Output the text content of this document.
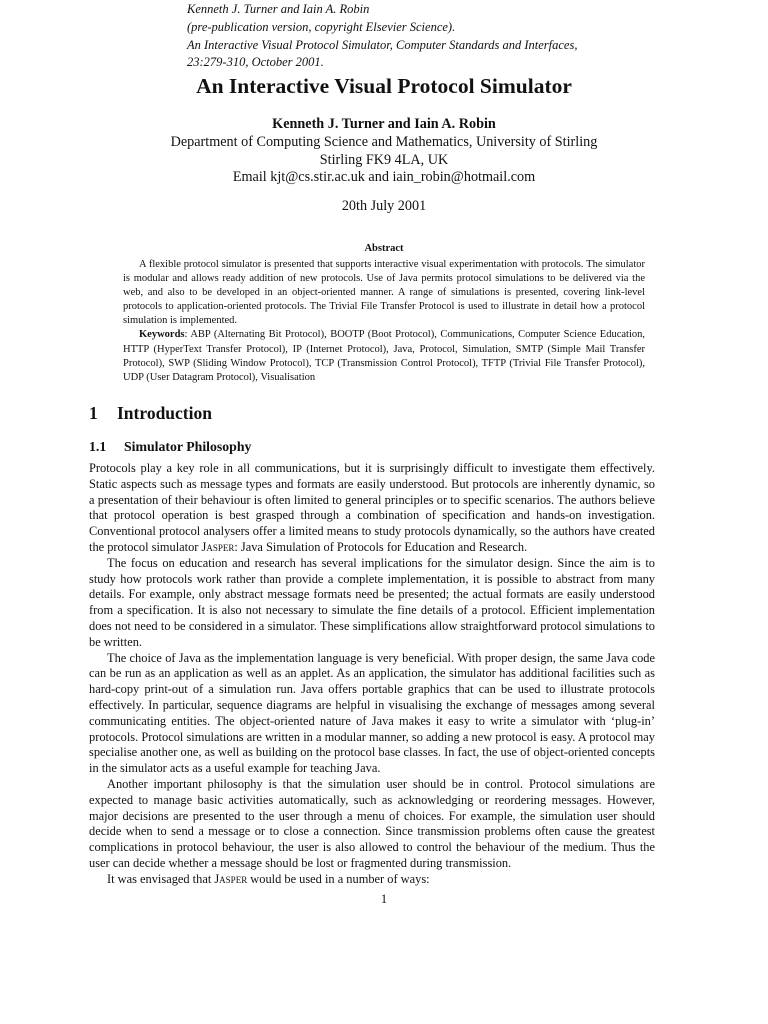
Kenneth J. Turner and Iain A. Robin
(pre-publication version, copyright Elsevier Science).
An Interactive Visual Protocol Simulator, Computer Standards and Interfaces,
23:279-310, October 2001.
An Interactive Visual Protocol Simulator
Kenneth J. Turner and Iain A. Robin
Department of Computing Science and Mathematics, University of Stirling
Stirling FK9 4LA, UK
Email kjt@cs.stir.ac.uk and iain_robin@hotmail.com
20th July 2001
Abstract

A flexible protocol simulator is presented that supports interactive visual experimentation with protocols. The simulator is modular and allows ready addition of new protocols. Use of Java permits protocol simulations to be delivered via the web, and also to be developed in an object-oriented manner. A range of simulations is presented, covering link-level protocols to application-oriented protocols. The Trivial File Transfer Protocol is used to illustrate in detail how a protocol simulation is implemented.

Keywords: ABP (Alternating Bit Protocol), BOOTP (Boot Protocol), Communications, Computer Science Education, HTTP (HyperText Transfer Protocol), IP (Internet Protocol), Java, Protocol, Simulation, SMTP (Simple Mail Transfer Protocol), SWP (Sliding Window Protocol), TCP (Transmission Control Protocol), TFTP (Trivial File Transfer Protocol), UDP (User Datagram Protocol), Visualisation

1 Introduction
1.1 Simulator Philosophy

Protocols play a key role in all communications, but it is surprisingly difficult to investigate them effectively. Static aspects such as message types and formats are easily understood. But protocols are inherently dynamic, so a presentation of their behaviour is often limited to general principles or to specific scenarios. The authors believe that protocol operation is best grasped through a combination of specification and hands-on investigation. Conventional protocol analysers offer a limited means to study protocols dynamically, so the authors have created the protocol simulator Jasper: Java Simulation of Protocols for Education and Research.

The focus on education and research has several implications for the simulator design. Since the aim is to study how protocols work rather than provide a complete implementation, it is possible to abstract from many details. For example, only abstract message formats need be presented; the actual formats are easily understood from a specification. It is also not necessary to simulate the fine details of a protocol. Efficient implementation does not need to be considered in a simulator. These simplifications allow straightforward protocol simulations to be written.

The choice of Java as the implementation language is very beneficial. With proper design, the same Java code can be run as an application as well as an applet. As an application, the simulator has additional facilities such as hard-copy print-out of a simulation run. Java offers portable graphics that can be used to illustrate protocols effectively. In particular, sequence diagrams are helpful in visualising the exchange of messages among several communicating entities. The object-oriented nature of Java makes it easy to write a simulator with ‘plug-in’ protocols. Protocol simulations are written in a modular manner, so adding a new protocol is easy. A protocol may specialise another one, as well as building on the protocol base classes. In fact, the use of object-oriented concepts in the simulator acts as a useful example for teaching Java.

Another important philosophy is that the simulation user should be in control. Protocol simulations are expected to manage basic activities automatically, such as acknowledging or reordering messages. However, major decisions are presented to the user through a menu of choices. For example, the simulation user should decide when to send a message or to close a connection. Since transmission problems often cause the greatest complications in protocol behaviour, the user is also allowed to control the behaviour of the medium. Thus the user can decide whether a message should be lost or fragmented during transmission.

It was envisaged that Jasper would be used in a number of ways:

1
